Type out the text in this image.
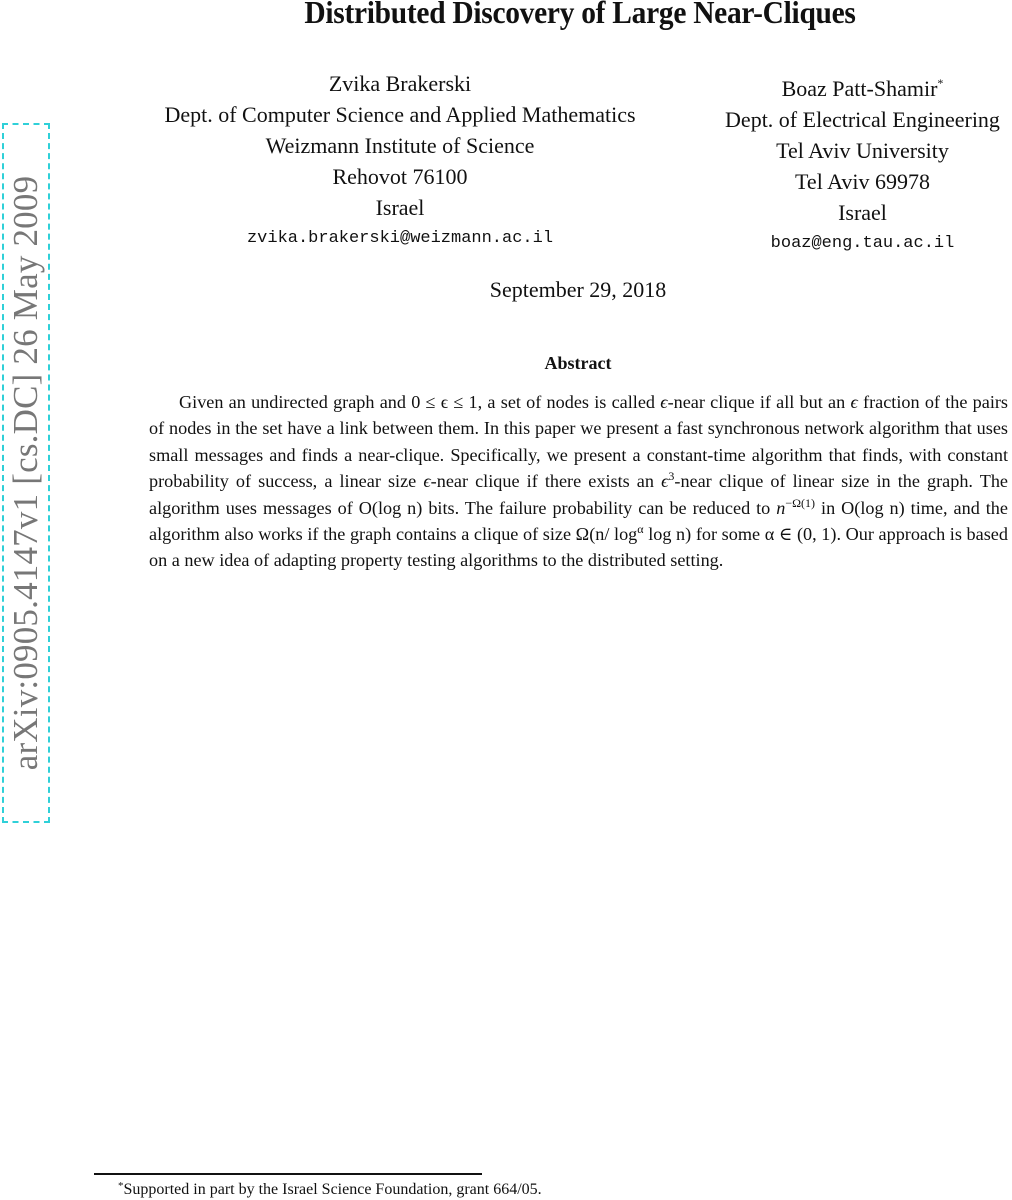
arXiv:0905.4147v1 [cs.DC] 26 May 2009
Distributed Discovery of Large Near-Cliques
Zvika Brakerski
Dept. of Computer Science and Applied Mathematics
Weizmann Institute of Science
Rehovot 76100
Israel
zvika.brakerski@weizmann.ac.il
Boaz Patt-Shamir*
Dept. of Electrical Engineering
Tel Aviv University
Tel Aviv 69978
Israel
boaz@eng.tau.ac.il
September 29, 2018
Abstract
Given an undirected graph and 0 ≤ ϵ ≤ 1, a set of nodes is called ϵ-near clique if all but an ϵ fraction of the pairs of nodes in the set have a link between them. In this paper we present a fast synchronous network algorithm that uses small messages and finds a near-clique. Specifically, we present a constant-time algorithm that finds, with constant probability of success, a linear size ϵ-near clique if there exists an $\epsilon^3$-near clique of linear size in the graph. The algorithm uses messages of O(log n) bits. The failure probability can be reduced to $n^{-\Omega(1)}$ in O(log n) time, and the algorithm also works if the graph contains a clique of size Ω(n/ $\log^\alpha \log n$) for some α ∈ (0, 1). Our approach is based on a new idea of adapting property testing algorithms to the distributed setting.
*Supported in part by the Israel Science Foundation, grant 664/05.
